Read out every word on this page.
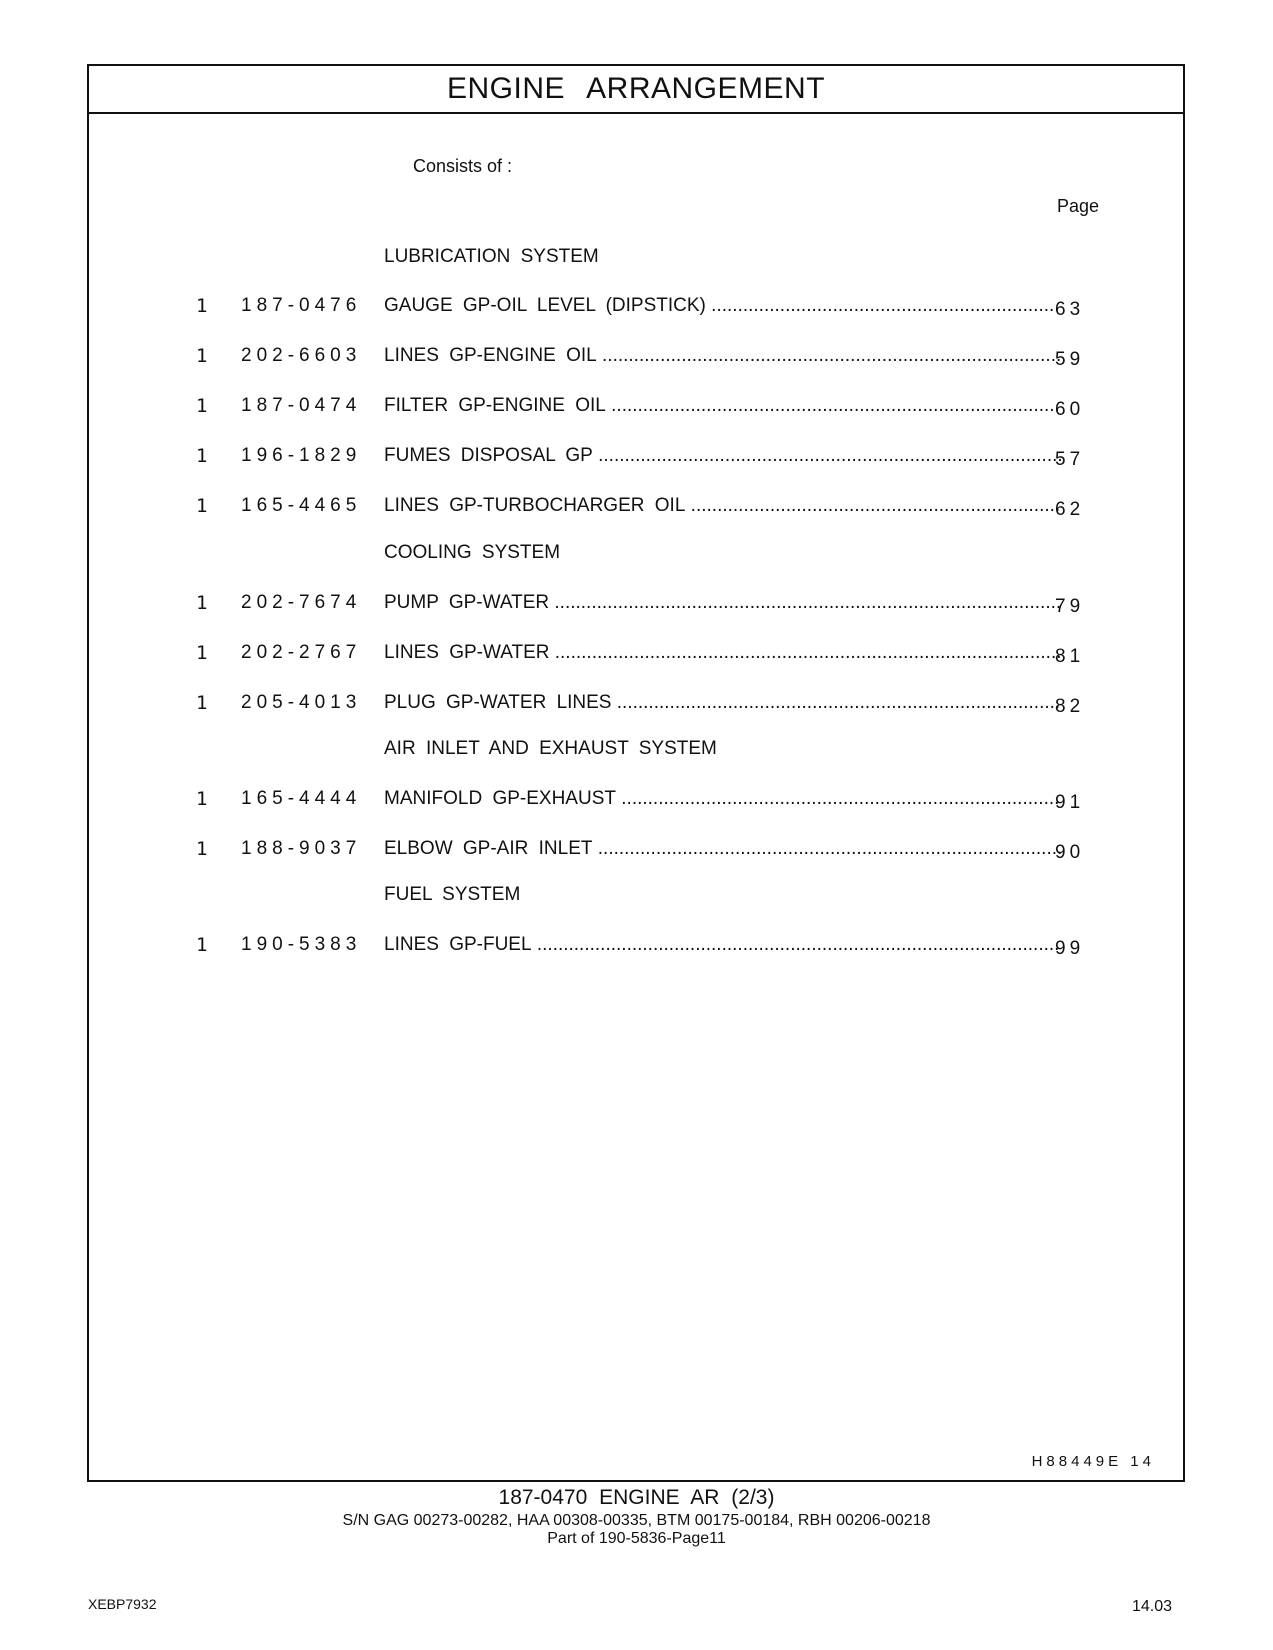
ENGINE ARRANGEMENT
Consists of :
Page
LUBRICATION SYSTEM
1 187-0476 GAUGE GP-OIL LEVEL (DIPSTICK) .....	63
1 202-6603 LINES GP-ENGINE OIL .....	59
1 187-0474 FILTER GP-ENGINE OIL .....	60
1 196-1829 FUMES DISPOSAL GP .....	57
1 165-4465 LINES GP-TURBOCHARGER OIL .....	62
COOLING SYSTEM
1 202-7674 PUMP GP-WATER .....	79
1 202-2767 LINES GP-WATER .....	81
1 205-4013 PLUG GP-WATER LINES .....	82
AIR INLET AND EXHAUST SYSTEM
1 165-4444 MANIFOLD GP-EXHAUST .....	91
1 188-9037 ELBOW GP-AIR INLET .....	90
FUEL SYSTEM
1 190-5383 LINES GP-FUEL .....	99
H88449E 14
187-0470 ENGINE AR (2/3)
S/N GAG 00273-00282, HAA 00308-00335, BTM 00175-00184, RBH 00206-00218
Part of 190-5836-Page11
XEBP7932	14.03
